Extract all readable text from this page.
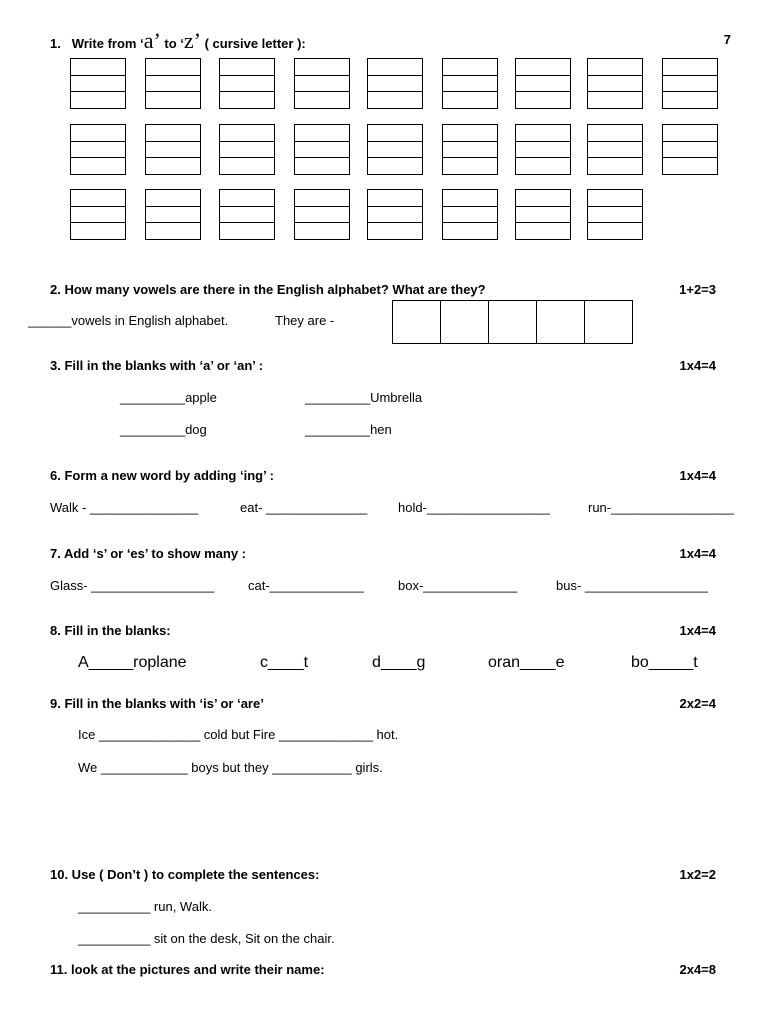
1. Write from ‘a’ to ‘z’ ( cursive letter ):	7
2. How many vowels are there in the English alphabet? What are they?	1+2=3
______vowels in English alphabet.	They are -
3. Fill in the blanks with ‘a’ or ‘an’ :	1x4=4
_________apple	_________Umbrella
_________dog	_________hen
6. Form a new word by adding ‘ing’ :	1x4=4
Walk - _______________	eat- ______________ hold-_________________	run-_________________
7. Add ‘s’ or ‘es’ to show many :	1x4=4
Glass- _________________	cat-_____________	box-_____________	bus- _________________
8. Fill in the blanks:	1x4=4
A_____roplane	c____t	d____g	oran____e	bo_____t
9. Fill in the blanks with ‘is’ or ‘are’	2x2=4
Ice ______________ cold but Fire _____________ hot.
We ____________ boys but they ___________ girls.
10. Use ( Don’t ) to complete the sentences:	1x2=2
__________ run, Walk.
__________ sit on the desk, Sit on the chair.
11. look at the pictures and write their name:	2x4=8
